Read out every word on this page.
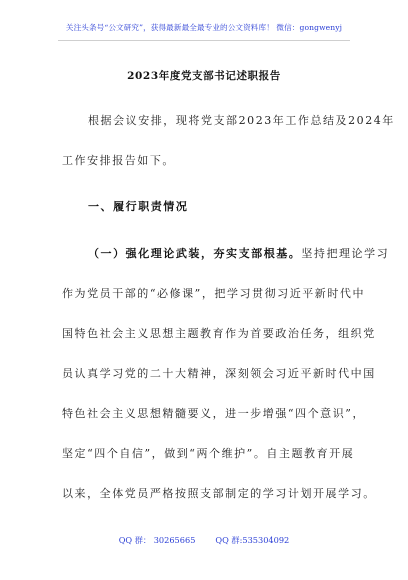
关注头条号“公文研究”，获得最新最全最专业的公文资料库！ 微信：gongwenyj
2023年度党支部书记述职报告
根据会议安排，现将党支部2023年工作总结及2024年
工作安排报告如下。
一、履行职责情况
（一）强化理论武装，夯实支部根基。坚持把理论学习
作为党员干部的“必修课”，把学习贯彻习近平新时代中
国特色社会主义思想主题教育作为首要政治任务，组织党
员认真学习党的二十大精神，深刻领会习近平新时代中国
特色社会主义思想精髓要义，进一步增强“四个意识”，
坚定“四个自信”，做到“两个维护”。自主题教育开展
以来，全体党员严格按照支部制定的学习计划开展学习。
QQ 群： 30265665 QQ 群:535304092
